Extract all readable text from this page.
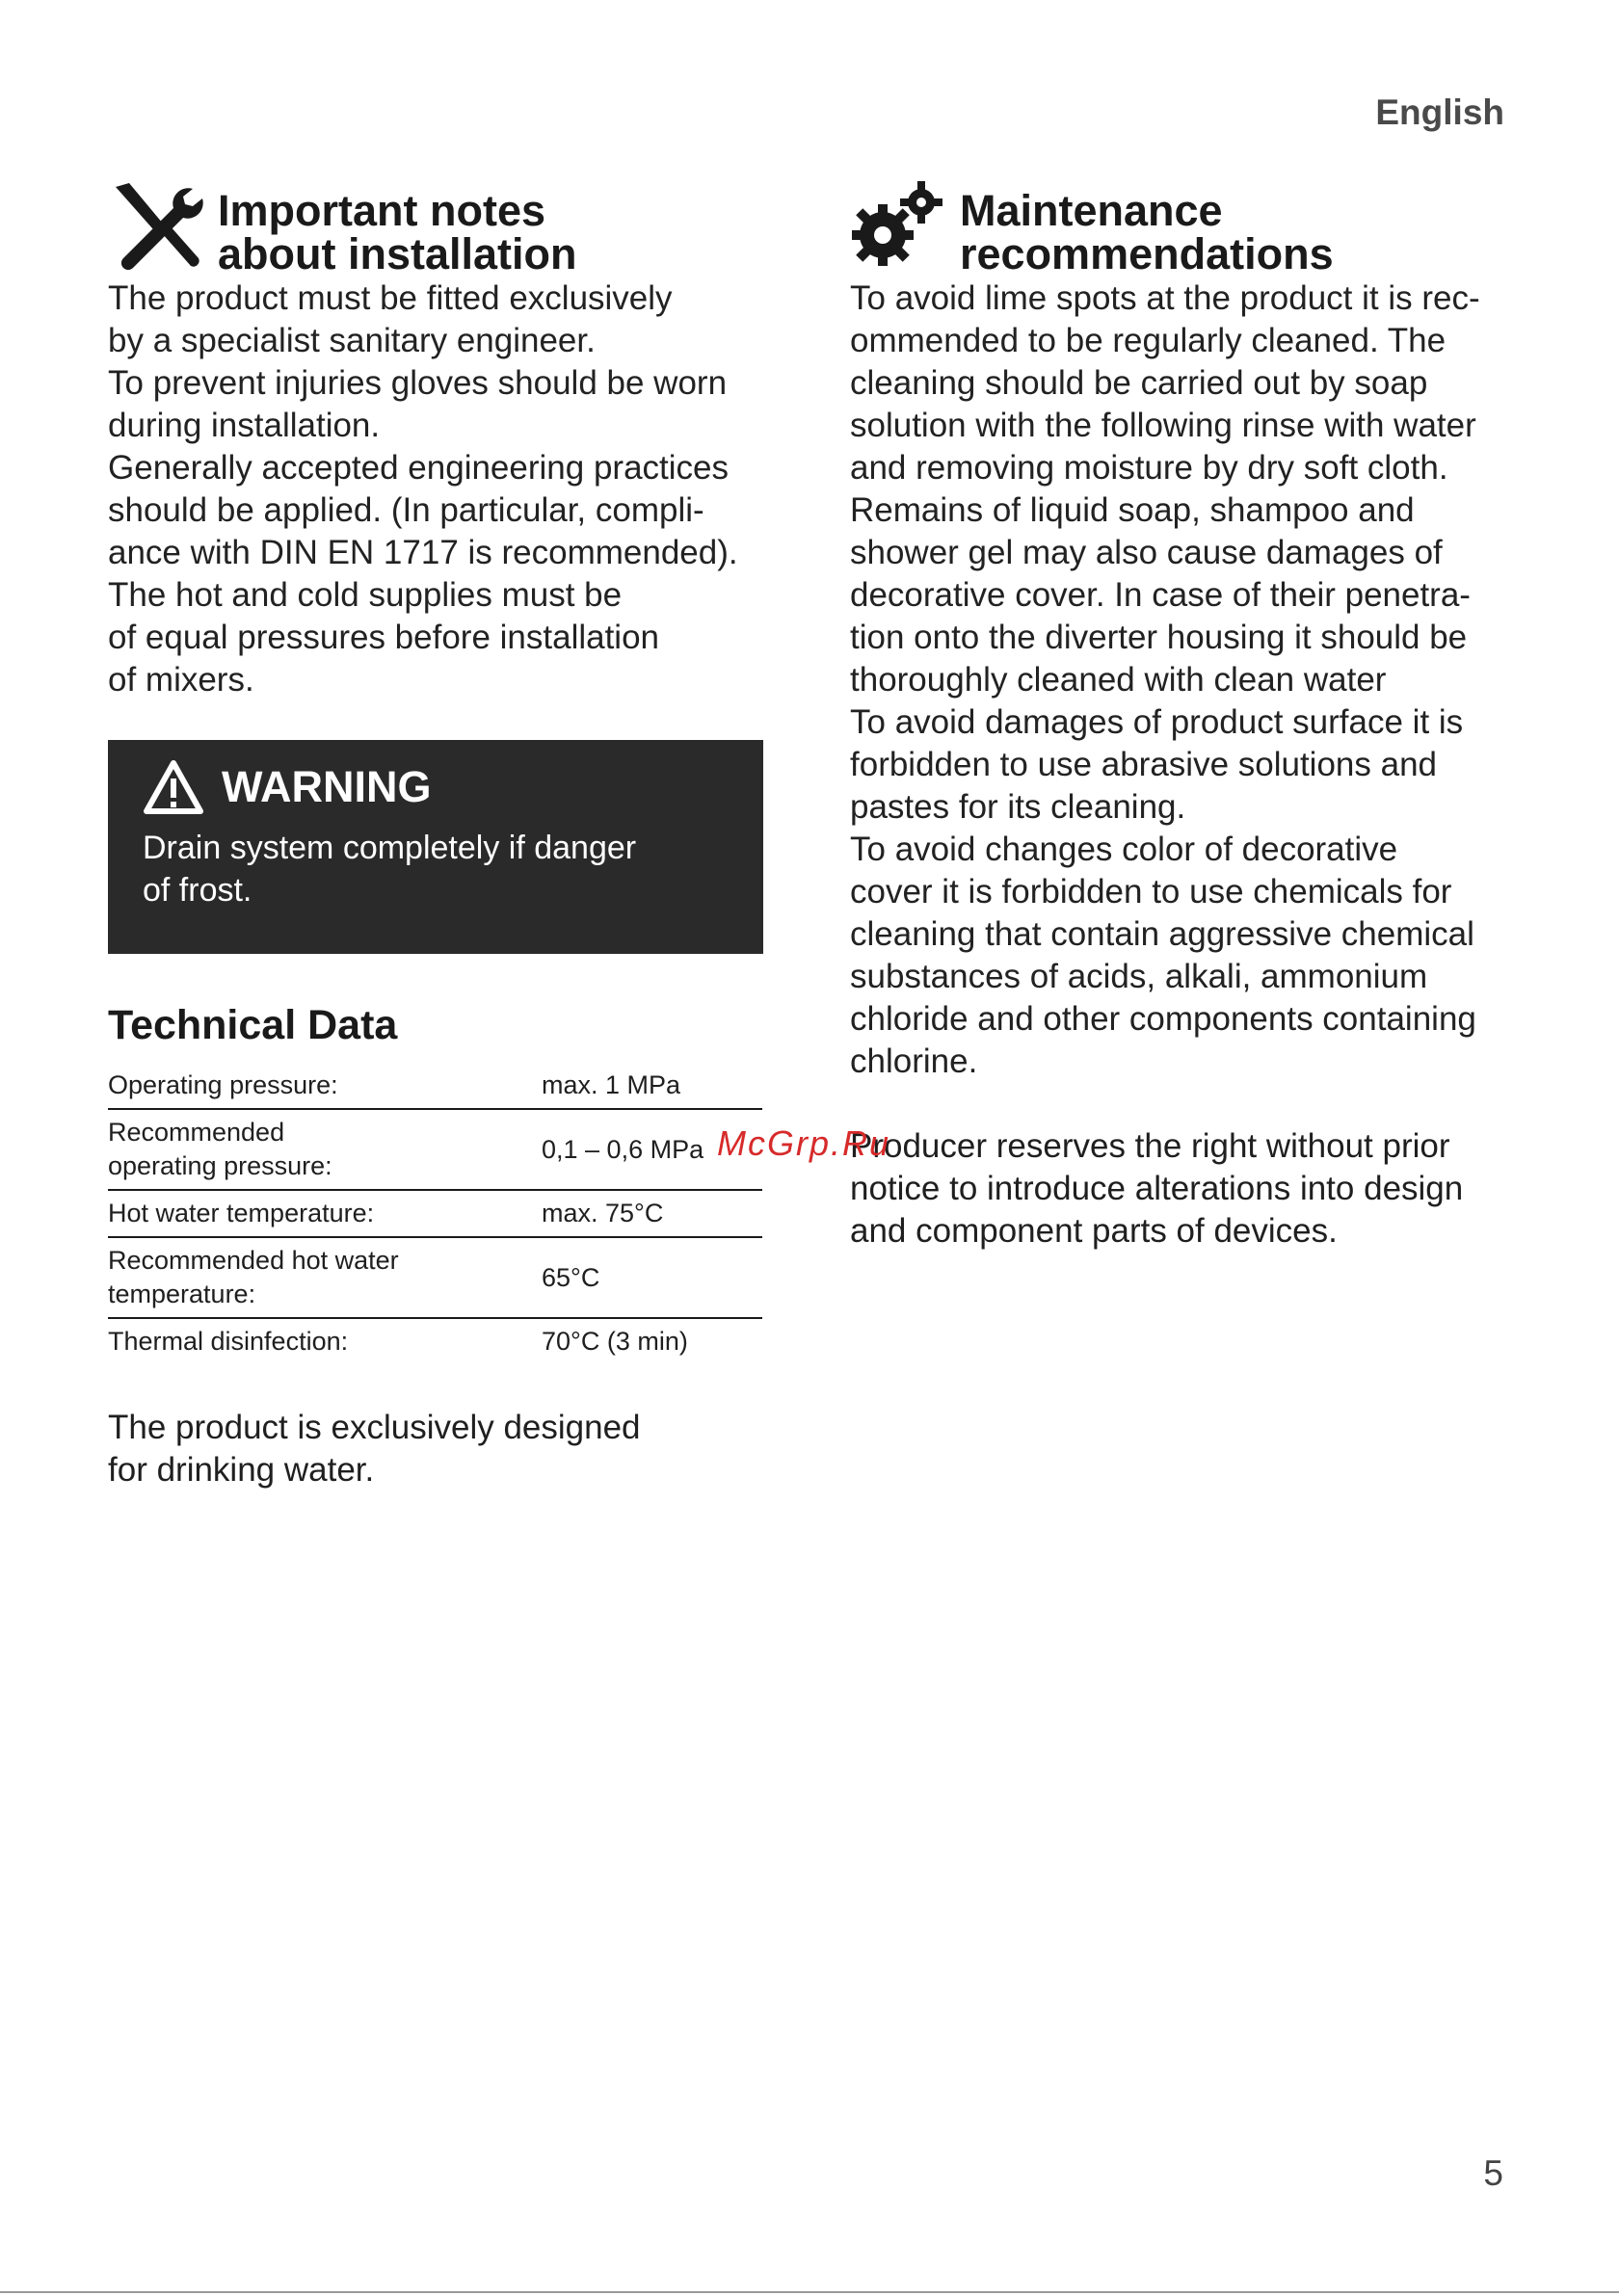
English
Important notes
about installation

The product must be fitted exclusively

by a specialist sanitary engineer.

To prevent injuries gloves should be worn

during installation.

Generally accepted engineering practices

should be applied. (In particular, compli-

ance with DIN EN 1717 is recommended).

The hot and cold supplies must be

of equal pressures before installation

of mixers.

WARNING
Drain system completely if danger
of frost.
Technical Data
Operating pressure:	max. 1 MPa
Recommended
operating pressure:	0,1 – 0,6 MPa
Hot water temperature:	max. 75°C
Recommended hot water
temperature:	65°C
Thermal disinfection:	70°C (3 min)
The product is exclusively designed
for drinking water.
Maintenance
recommendations

To avoid lime spots at the product it is rec-

ommended to be regularly cleaned. The

cleaning should be carried out by soap

solution with the following rinse with water

and removing moisture by dry soft cloth.

Remains of liquid soap, shampoo and

shower gel may also cause damages of

decorative cover. In case of their penetra-

tion onto the diverter housing it should be

thoroughly cleaned with clean water

To avoid damages of product surface it is

forbidden to use abrasive solutions and

pastes for its cleaning.

To avoid changes color of decorative

cover it is forbidden to use chemicals for

cleaning that contain aggressive chemical

substances of acids, alkali, ammonium

chloride and other components containing

chlorine.

Producer reserves the right without prior
notice to introduce alterations into design
and component parts of devices.
McGrp.Ru
5
